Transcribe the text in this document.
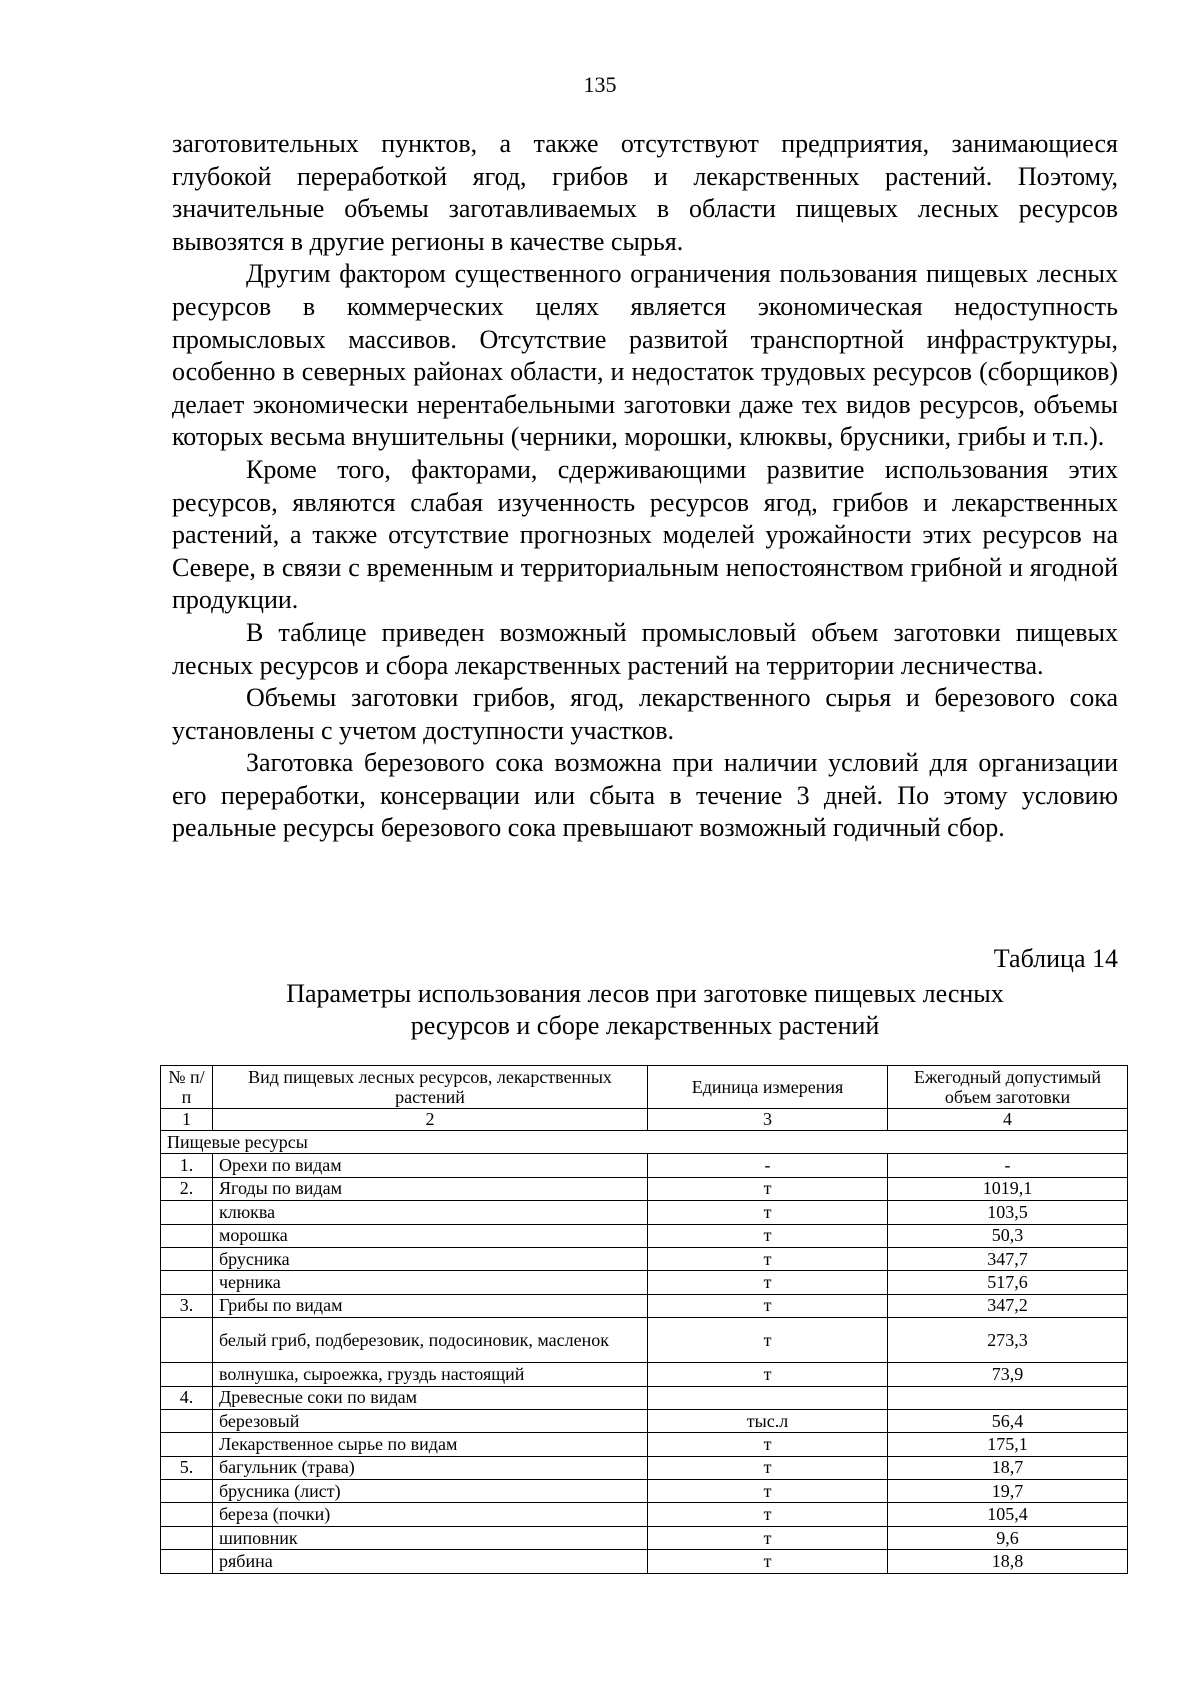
135

заготовительных пунктов, а также отсутствуют предприятия, занимающиеся глубокой переработкой ягод, грибов и лекарственных растений. Поэтому, значительные объемы заготавливаемых в области пищевых лесных ресурсов вывозятся в другие регионы в качестве сырья.

Другим фактором существенного ограничения пользования пищевых лесных ресурсов в коммерческих целях является экономическая недоступность промысловых массивов. Отсутствие развитой транспортной инфраструктуры, особенно в северных районах области, и недостаток трудовых ресурсов (сборщиков) делает экономически нерентабельными заготовки даже тех видов ресурсов, объемы которых весьма внушительны (черники, морошки, клюквы, брусники, грибы и т.п.).

Кроме того, факторами, сдерживающими развитие использования этих ресурсов, являются слабая изученность ресурсов ягод, грибов и лекарственных растений, а также отсутствие прогнозных моделей урожайности этих ресурсов на Севере, в связи с временным и территориальным непостоянством грибной и ягодной продукции.

В таблице приведен возможный промысловый объем заготовки пищевых лесных ресурсов и сбора лекарственных растений на территории лесничества.

Объемы заготовки грибов, ягод, лекарственного сырья и березового сока установлены с учетом доступности участков.

Заготовка березового сока возможна при наличии условий для организации его переработки, консервации или сбыта в течение 3 дней. По этому условию реальные ресурсы березового сока превышают возможный годичный сбор.

Таблица 14
Параметры использования лесов при заготовке пищевых лесных
ресурсов и сборе лекарственных растений
№ п/п	Вид пищевых лесных ресурсов, лекарственных растений	Единица измерения	Ежегодный допустимый объем заготовки
1	2	3	4
Пищевые ресурсы			
1.	Орехи по видам	-	-
2.	Ягоды по видам	т	1019,1
	клюква	т	103,5
	морошка	т	50,3
	брусника	т	347,7
	черника	т	517,6
3.	Грибы по видам	т	347,2
	белый гриб, подберезовик, подосиновик, масленок	т	273,3
	волнушка, сыроежка, груздь настоящий	т	73,9
4.	Древесные соки по видам		
	березовый	тыс.л	56,4
	Лекарственное сырье по видам	т	175,1
5.	багульник (трава)	т	18,7
	брусника (лист)	т	19,7
	береза (почки)	т	105,4
	шиповник	т	9,6
	рябина	т	18,8
